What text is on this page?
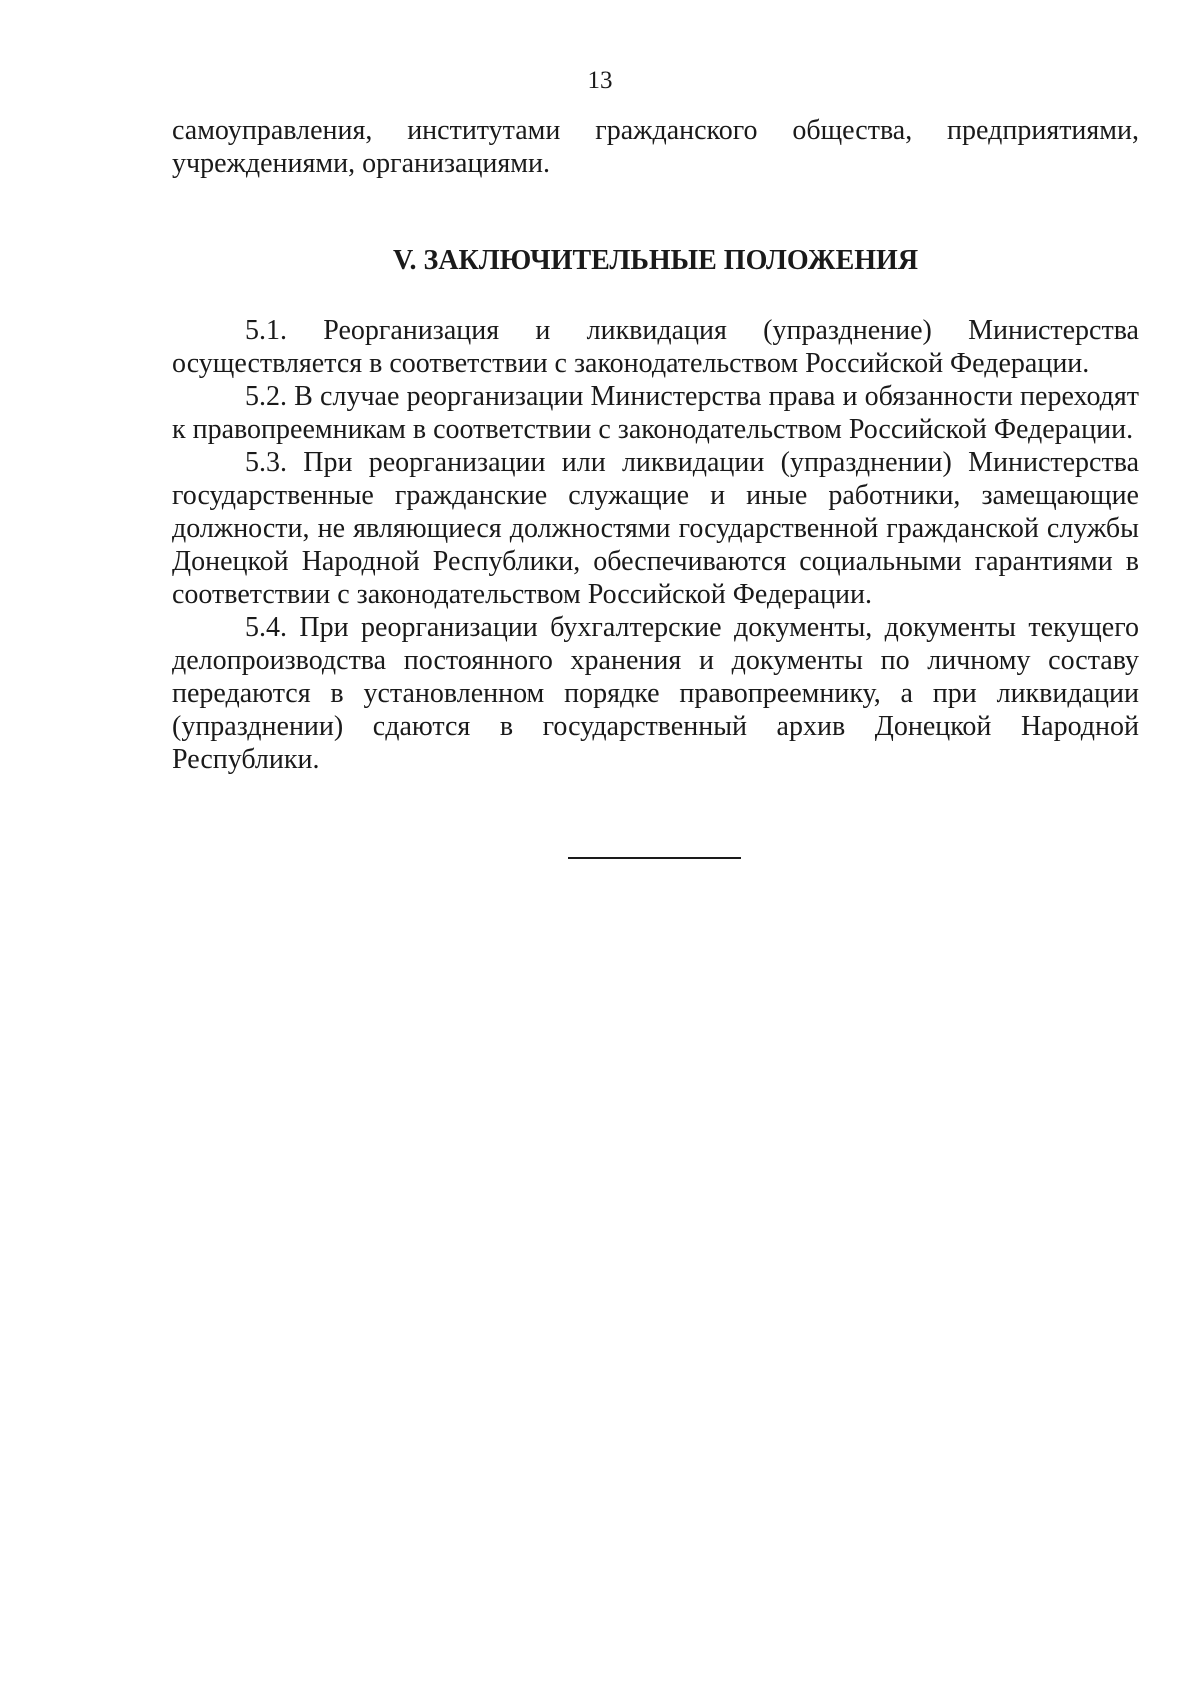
13

самоуправления, институтами гражданского общества, предприятиями, учреждениями, организациями.

V. ЗАКЛЮЧИТЕЛЬНЫЕ ПОЛОЖЕНИЯ

5.1. Реорганизация и ликвидация (упразднение) Министерства осуществляется в соответствии с законодательством Российской Федерации.

5.2. В случае реорганизации Министерства права и обязанности переходят к правопреемникам в соответствии с законодательством Российской Федерации.

5.3. При реорганизации или ликвидации (упразднении) Министерства государственные гражданские служащие и иные работники, замещающие должности, не являющиеся должностями государственной гражданской службы Донецкой Народной Республики, обеспечиваются социальными гарантиями в соответствии с законодательством Российской Федерации.

5.4. При реорганизации бухгалтерские документы, документы текущего делопроизводства постоянного хранения и документы по личному составу передаются в установленном порядке правопреемнику, а при ликвидации (упразднении) сдаются в государственный архив Донецкой Народной Республики.
